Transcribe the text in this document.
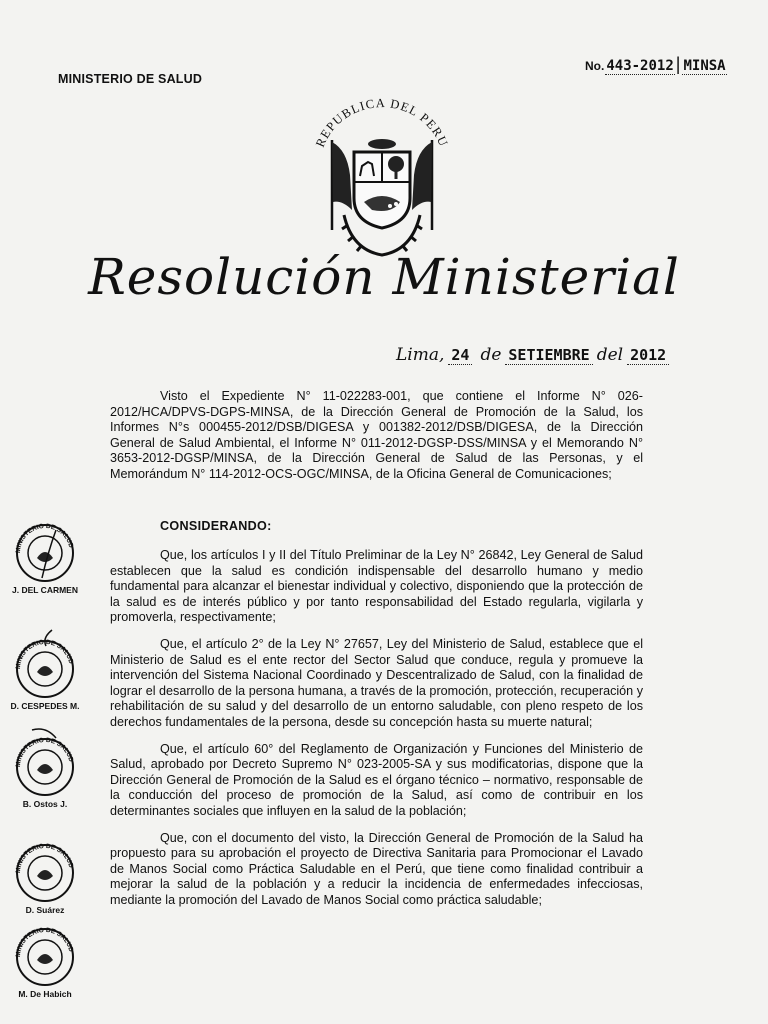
MINISTERIO DE SALUD
No. 443-2012 | MINSA
REPUBLICA DEL PERU
Resolución Ministerial
Lima, 24 de SETIEMBRE del 2012

Visto el Expediente N° 11-022283-001, que contiene el Informe N° 026-2012/HCA/DPVS-DGPS-MINSA, de la Dirección General de Promoción de la Salud, los Informes N°s 000455-2012/DSB/DIGESA y 001382-2012/DSB/DIGESA, de la Dirección General de Salud Ambiental, el Informe N° 011-2012-DGSP-DSS/MINSA y el Memorando N° 3653-2012-DGSP/MINSA, de la Dirección General de Salud de las Personas, y el Memorándum N° 114-2012-OCS-OGC/MINSA, de la Oficina General de Comunicaciones;

CONSIDERANDO:

Que, los artículos I y II del Título Preliminar de la Ley N° 26842, Ley General de Salud establecen que la salud es condición indispensable del desarrollo humano y medio fundamental para alcanzar el bienestar individual y colectivo, disponiendo que la protección de la salud es de interés público y por tanto responsabilidad del Estado regularla, vigilarla y promoverla, respectivamente;

Que, el artículo 2° de la Ley N° 27657, Ley del Ministerio de Salud, establece que el Ministerio de Salud es el ente rector del Sector Salud que conduce, regula y promueve la intervención del Sistema Nacional Coordinado y Descentralizado de Salud, con la finalidad de lograr el desarrollo de la persona humana, a través de la promoción, protección, recuperación y rehabilitación de su salud y del desarrollo de un entorno saludable, con pleno respeto de los derechos fundamentales de la persona, desde su concepción hasta su muerte natural;

Que, el artículo 60° del Reglamento de Organización y Funciones del Ministerio de Salud, aprobado por Decreto Supremo N° 023-2005-SA y sus modificatorias, dispone que la Dirección General de Promoción de la Salud es el órgano técnico – normativo, responsable de la conducción del proceso de promoción de la Salud, así como de contribuir en los determinantes sociales que influyen en la salud de la población;

Que, con el documento del visto, la Dirección General de Promoción de la Salud ha propuesto para su aprobación el proyecto de Directiva Sanitaria para Promocionar el Lavado de Manos Social como Práctica Saludable en el Perú, que tiene como finalidad contribuir a mejorar la salud de la población y a reducir la incidencia de enfermedades infecciosas, mediante la promoción del Lavado de Manos Social como práctica saludable;

MINISTERIO DE SALUD
J. DEL CARMEN
MINISTERIO DE SALUD
D. CESPEDES M.
MINISTERIO DE SALUD
B. Ostos J.
MINISTERIO DE SALUD
D. Suárez
MINISTERIO DE SALUD
M. De Habich
